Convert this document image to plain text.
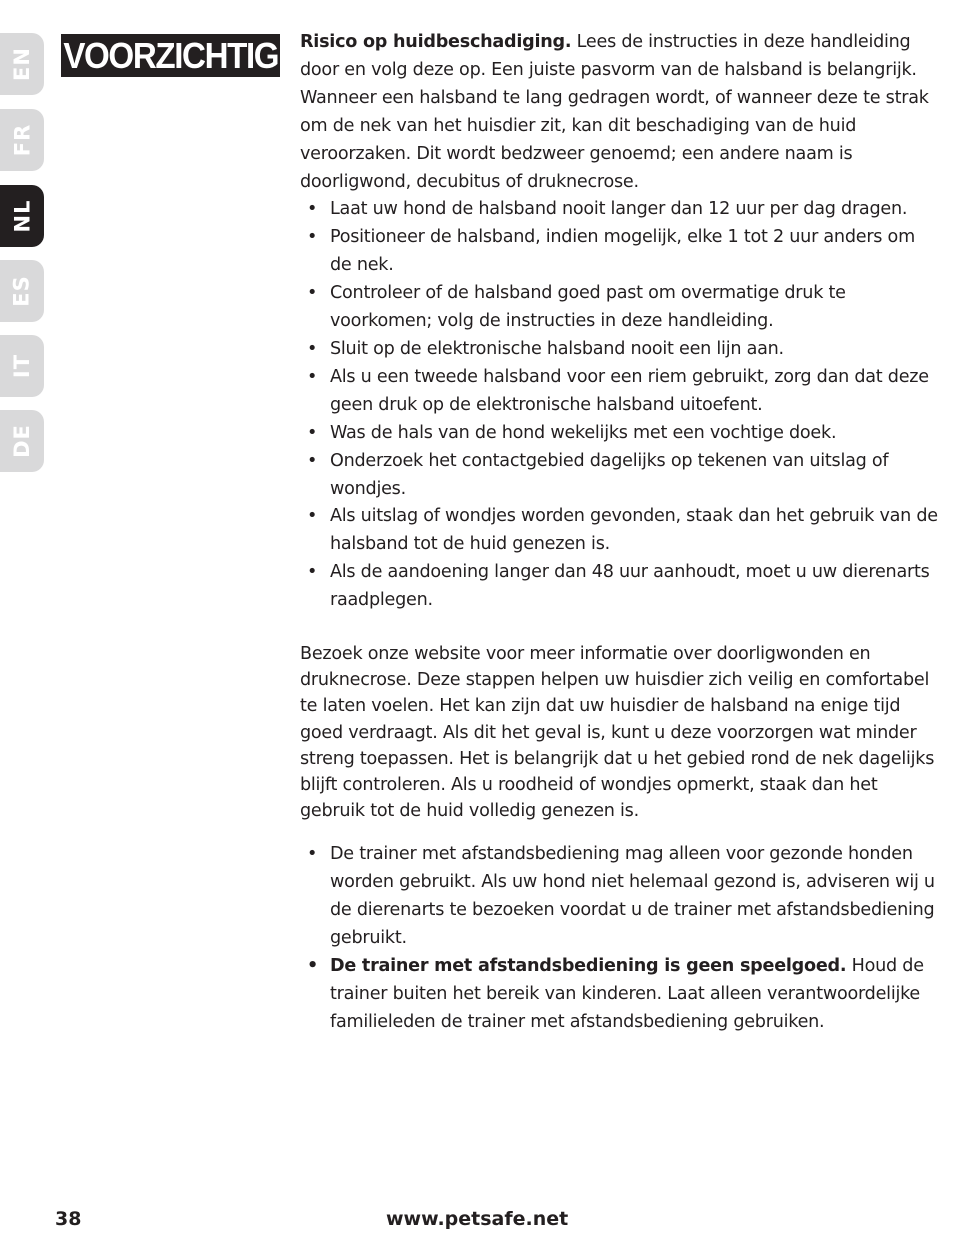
EN
FR
NL
ES
IT
DE
VOORZICHTIG Risico op huidbeschadiging. Lees de instructies in deze handleiding door en volg deze op. Een juiste pasvorm van de halsband is belangrijk. Wanneer een halsband te lang gedragen wordt, of wanneer deze te strak om de nek van het huisdier zit, kan dit beschadiging van de huid veroorzaken. Dit wordt bedzweer genoemd; een andere naam is doorligwond, decubitus of druknecrose.

• Laat uw hond de halsband nooit langer dan 12 uur per dag dragen.
• Positioneer de halsband, indien mogelijk, elke 1 tot 2 uur anders om de nek.
• Controleer of de halsband goed past om overmatige druk te voorkomen; volg de instructies in deze handleiding.
• Sluit op de elektronische halsband nooit een lijn aan.
• Als u een tweede halsband voor een riem gebruikt, zorg dan dat deze geen druk op de elektronische halsband uitoefent.
• Was de hals van de hond wekelijks met een vochtige doek.
• Onderzoek het contactgebied dagelijks op tekenen van uitslag of wondjes.
• Als uitslag of wondjes worden gevonden, staak dan het gebruik van de halsband tot de huid genezen is.
• Als de aandoening langer dan 48 uur aanhoudt, moet u uw dierenarts raadplegen.

Bezoek onze website voor meer informatie over doorligwonden en druknecrose. Deze stappen helpen uw huisdier zich veilig en comfortabel te laten voelen. Het kan zijn dat uw huisdier de halsband na enige tijd goed verdraagt. Als dit het geval is, kunt u deze voorzorgen wat minder streng toepassen. Het is belangrijk dat u het gebied rond de nek dagelijks blijft controleren. Als u roodheid of wondjes opmerkt, staak dan het gebruik tot de huid volledig genezen is.

• De trainer met afstandsbediening mag alleen voor gezonde honden worden gebruikt. Als uw hond niet helemaal gezond is, adviseren wij u de dierenarts te bezoeken voordat u de trainer met afstandsbediening gebruikt.
• De trainer met afstandsbediening is geen speelgoed. Houd de trainer buiten het bereik van kinderen. Laat alleen verantwoordelijke familieleden de trainer met afstandsbediening gebruiken.
38	www.petsafe.net
